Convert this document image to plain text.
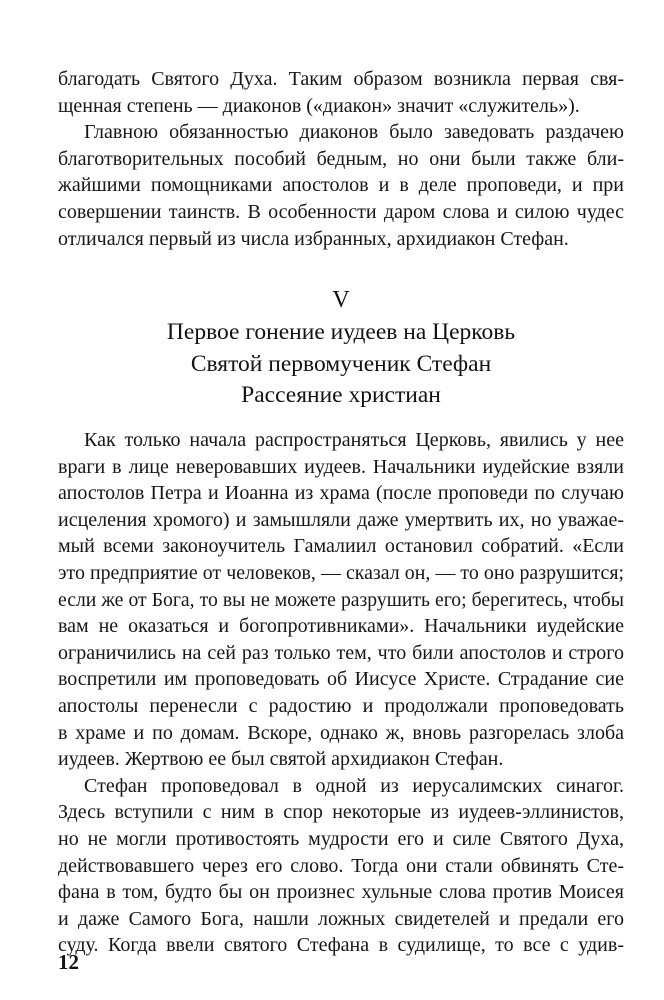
благодать Святого Духа. Таким образом возникла первая свя-
щенная степень — диаконов («диакон» значит «служитель»).
Главною обязанностью диаконов было заведовать раздачею
благотворительных пособий бедным, но они были также бли-
жайшими помощниками апостолов и в деле проповеди, и при
совершении таинств. В особенности даром слова и силою чудес
отличался первый из числа избранных, архидиакон Стефан.
V
Первое гонение иудеев на Церковь
Святой первомученик Стефан
Рассеяние христиан
Как только начала распространяться Церковь, явились у нее
враги в лице неверовавших иудеев. Начальники иудейские взяли
апостолов Петра и Иоанна из храма (после проповеди по случаю
исцеления хромого) и замышляли даже умертвить их, но уважае-
мый всеми законоучитель Гамалиил остановил собратий. «Если
это предприятие от человеков, — сказал он, — то оно разрушится;
если же от Бога, то вы не можете разрушить его; берегитесь, чтобы
вам не оказаться и богопротивниками». Начальники иудейские
ограничились на сей раз только тем, что били апостолов и строго
воспретили им проповедовать об Иисусе Христе. Страдание сие
апостолы перенесли с радостию и продолжали проповедовать
в храме и по домам. Вскоре, однако ж, вновь разгорелась злоба
иудеев. Жертвою ее был святой архидиакон Стефан.
Стефан проповедовал в одной из иерусалимских синагог.
Здесь вступили с ним в спор некоторые из иудеев-эллинистов,
но не могли противостоять мудрости его и силе Святого Духа,
действовавшего через его слово. Тогда они стали обвинять Сте-
фана в том, будто бы он произнес хульные слова против Моисея
и даже Самого Бога, нашли ложных свидетелей и предали его
суду. Когда ввели святого Стефана в судилище, то все с удив-
12
